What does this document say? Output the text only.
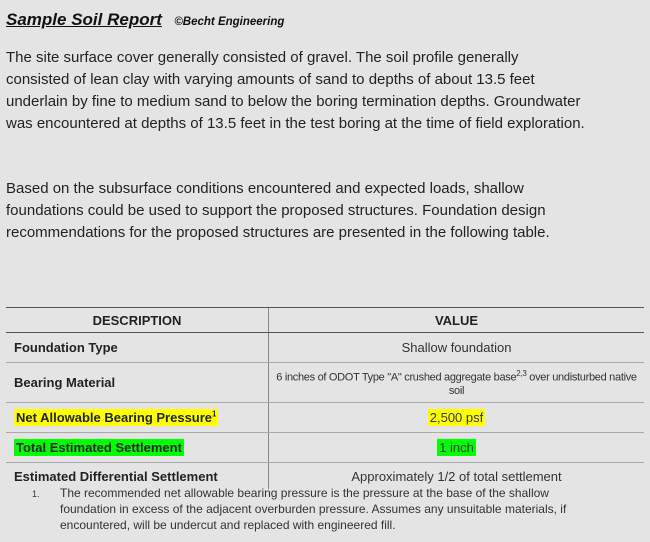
Sample Soil Report ©Becht Engineering

The site surface cover generally consisted of gravel. The soil profile generally consisted of lean clay with varying amounts of sand to depths of about 13.5 feet underlain by fine to medium sand to below the boring termination depths. Groundwater was encountered at depths of 13.5 feet in the test boring at the time of field exploration.

Based on the subsurface conditions encountered and expected loads, shallow foundations could be used to support the proposed structures. Foundation design recommendations for the proposed structures are presented in the following table.

DESCRIPTION	VALUE
Foundation Type	Shallow foundation
Bearing Material	6 inches of ODOT Type "A" crushed aggregate base$^{2,3}$ over undisturbed native soil
Net Allowable Bearing Pressure$^1$	2,500 psf
Total Estimated Settlement	1 inch
Estimated Differential Settlement	Approximately 1/2 of total settlement
1.	The recommended net allowable bearing pressure is the pressure at the base of the shallow foundation in excess of the adjacent overburden pressure. Assumes any unsuitable materials, if encountered, will be undercut and replaced with engineered fill.
